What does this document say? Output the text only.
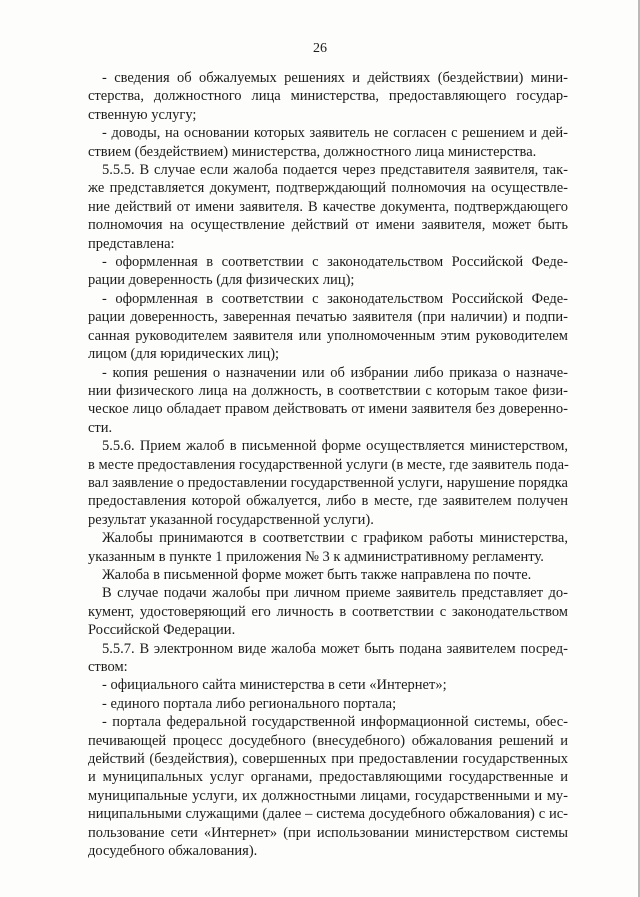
26
- сведения об обжалуемых решениях и действиях (бездействии) мини-
стерства, должностного лица министерства, предоставляющего государ-
ственную услугу;
- доводы, на основании которых заявитель не согласен с решением и дей-
ствием (бездействием) министерства, должностного лица министерства.
5.5.5. В случае если жалоба подается через представителя заявителя, так-
же представляется документ, подтверждающий полномочия на осуществле-
ние действий от имени заявителя. В качестве документа, подтверждающего
полномочия на осуществление действий от имени заявителя, может быть
представлена:
- оформленная в соответствии с законодательством Российской Феде-
рации доверенность (для физических лиц);
- оформленная в соответствии с законодательством Российской Феде-
рации доверенность, заверенная печатью заявителя (при наличии) и подпи-
санная руководителем заявителя или уполномоченным этим руководителем
лицом (для юридических лиц);
- копия решения о назначении или об избрании либо приказа о назначе-
нии физического лица на должность, в соответствии с которым такое физи-
ческое лицо обладает правом действовать от имени заявителя без доверенно-
сти.
5.5.6. Прием жалоб в письменной форме осуществляется министерством,
в месте предоставления государственной услуги (в месте, где заявитель пода-
вал заявление о предоставлении государственной услуги, нарушение порядка
предоставления которой обжалуется, либо в месте, где заявителем получен
результат указанной государственной услуги).
Жалобы принимаются в соответствии с графиком работы министерства,
указанным в пункте 1 приложения № 3 к административному регламенту.
Жалоба в письменной форме может быть также направлена по почте.
В случае подачи жалобы при личном приеме заявитель представляет до-
кумент, удостоверяющий его личность в соответствии с законодательством
Российской Федерации.
5.5.7. В электронном виде жалоба может быть подана заявителем посред-
ством:
- официального сайта министерства в сети «Интернет»;
- единого портала либо регионального портала;
- портала федеральной государственной информационной системы, обес-
печивающей процесс досудебного (внесудебного) обжалования решений и
действий (бездействия), совершенных при предоставлении государственных
и муниципальных услуг органами, предоставляющими государственные и
муниципальные услуги, их должностными лицами, государственными и му-
ниципальными служащими (далее – система досудебного обжалования) с ис-
пользование сети «Интернет» (при использовании министерством системы
досудебного обжалования).
